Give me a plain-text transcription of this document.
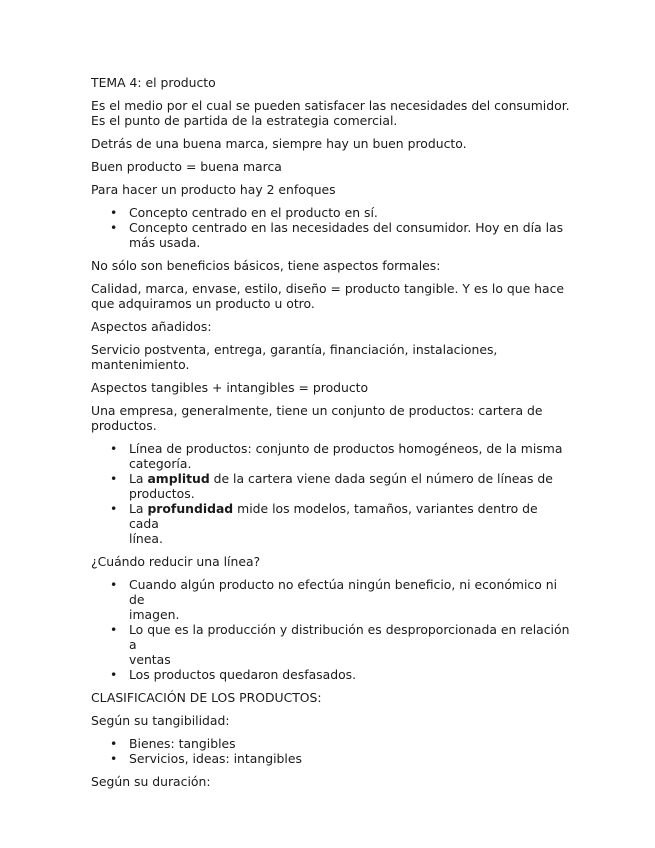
TEMA 4: el producto

Es el medio por el cual se pueden satisfacer las necesidades del consumidor.
Es el punto de partida de la estrategia comercial.

Detrás de una buena marca, siempre hay un buen producto.

Buen producto = buena marca

Para hacer un producto hay 2 enfoques

• Concepto centrado en el producto en sí.
• Concepto centrado en las necesidades del consumidor. Hoy en día las
más usada.

No sólo son beneficios básicos, tiene aspectos formales:

Calidad, marca, envase, estilo, diseño = producto tangible. Y es lo que hace
que adquiramos un producto u otro.

Aspectos añadidos:

Servicio postventa, entrega, garantía, financiación, instalaciones,
mantenimiento.

Aspectos tangibles + intangibles = producto

Una empresa, generalmente, tiene un conjunto de productos: cartera de
productos.

• Línea de productos: conjunto de productos homogéneos, de la misma
categoría.
• La amplitud de la cartera viene dada según el número de líneas de
productos.
• La profundidad mide los modelos, tamaños, variantes dentro de cada
línea.

¿Cuándo reducir una línea?

• Cuando algún producto no efectúa ningún beneficio, ni económico ni de
imagen.
• Lo que es la producción y distribución es desproporcionada en relación a
ventas
• Los productos quedaron desfasados.

CLASIFICACIÓN DE LOS PRODUCTOS:

Según su tangibilidad:

• Bienes: tangibles
• Servicios, ideas: intangibles

Según su duración:
